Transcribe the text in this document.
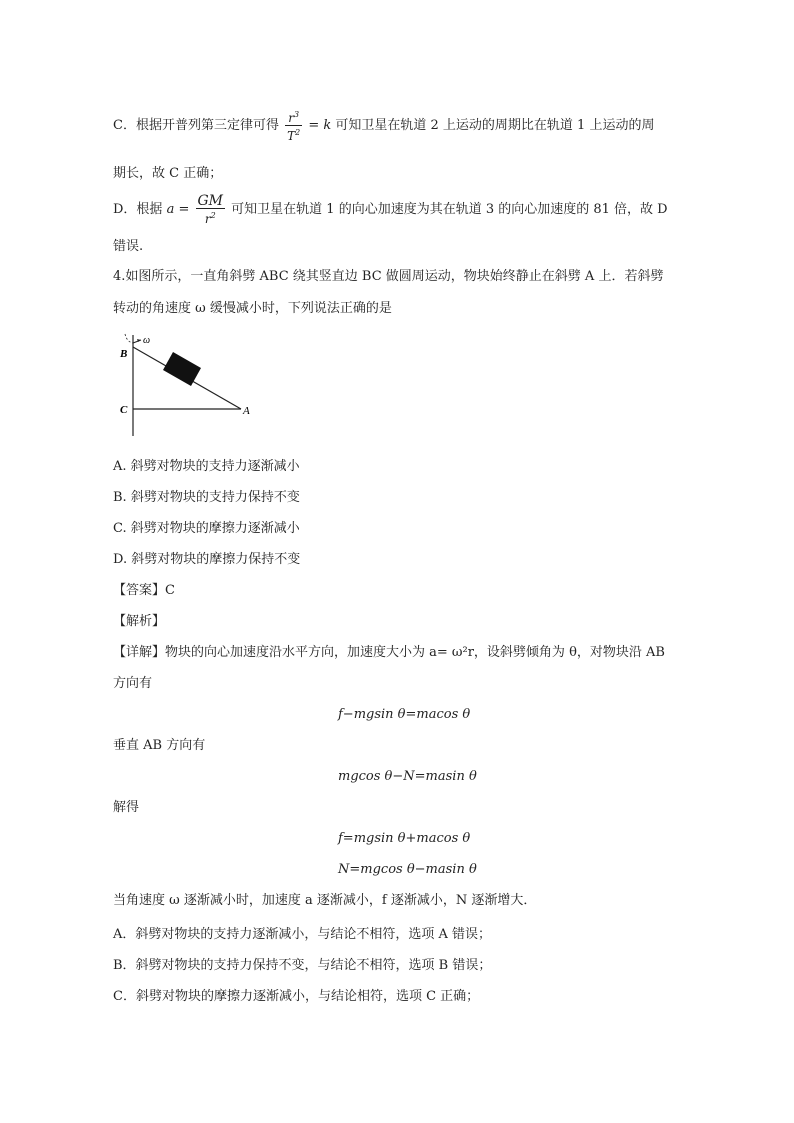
C．根据开普列第三定律可得 $\frac{r^3}{T^2} = k$ 可知卫星在轨道 2 上运动的周期比在轨道 1 上运动的周
期长，故 C 正确；
D．根据 $a = \frac{GM}{r^2}$ 可知卫星在轨道 1 的向心加速度为其在轨道 3 的向心加速度的 81 倍，故 D
错误.
4.如图所示，一直角斜劈 ABC 绕其竖直边 BC 做圆周运动，物块始终静止在斜劈 A 上．若斜劈
转动的角速度 ω 缓慢减小时，下列说法正确的是
B
C	A
ω
A. 斜劈对物块的支持力逐渐减小
B. 斜劈对物块的支持力保持不变
C. 斜劈对物块的摩擦力逐渐减小
D. 斜劈对物块的摩擦力保持不变
【答案】C
【解析】
【详解】物块的向心加速度沿水平方向，加速度大小为 a= ω²r，设斜劈倾角为 θ，对物块沿 AB
方向有
f−mgsin θ=macos θ
垂直 AB 方向有
mgcos θ−N=masin θ
解得
f=mgsin θ+macos θ
N=mgcos θ−masin θ
当角速度 ω 逐渐减小时，加速度 a 逐渐减小，f 逐渐减小，N 逐渐增大．
A．斜劈对物块的支持力逐渐减小，与结论不相符，选项 A 错误；
B．斜劈对物块的支持力保持不变，与结论不相符，选项 B 错误；
C．斜劈对物块的摩擦力逐渐减小，与结论相符，选项 C 正确；
